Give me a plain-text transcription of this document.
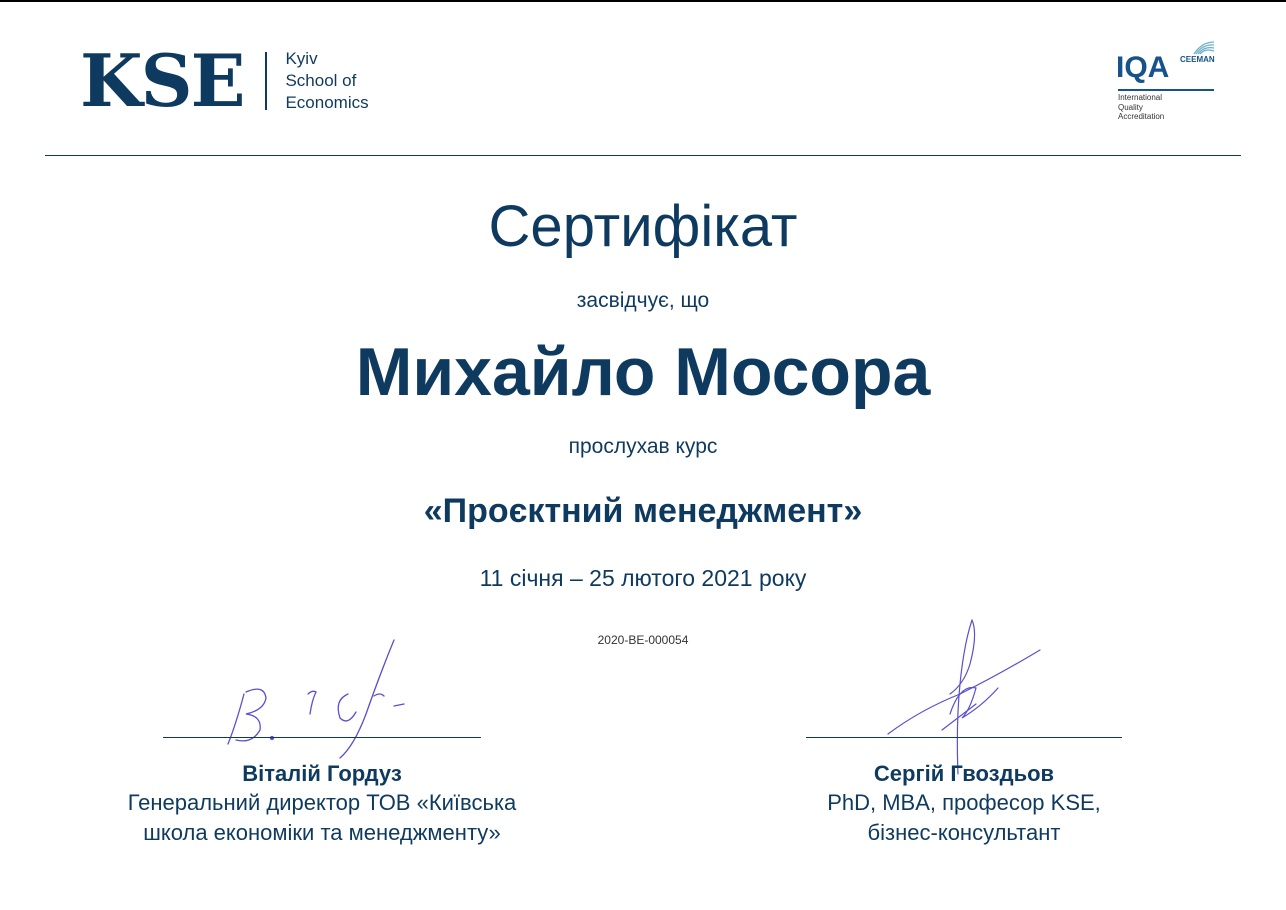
KSE Kyiv
School of
Economics
IQA CEEMAN
International
Quality
Accreditation
Сертифікат
засвідчує, що
Михайло Мосора
прослухав курс
«Проєктний менеджмент»
11 січня – 25 лютого 2021 року
2020-BE-000054
Віталій Гордуз
Генеральний директор ТОВ «Київська
школа економіки та менеджменту»
Сергій Гвоздьов
PhD, MBA, професор KSE,
бізнес-консультант
